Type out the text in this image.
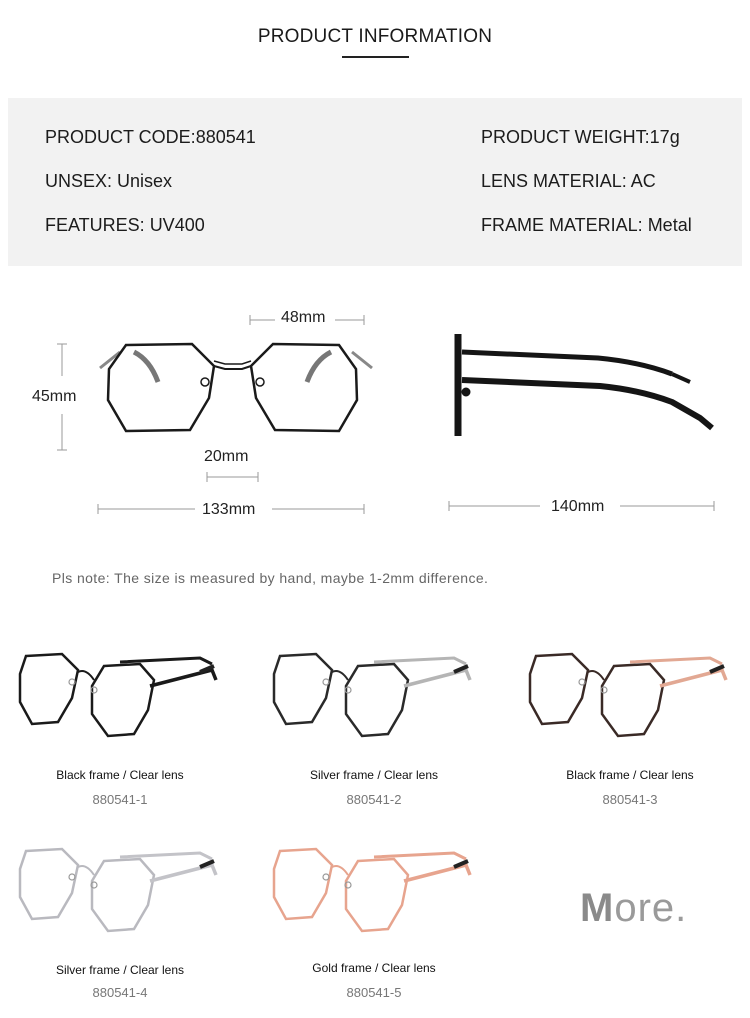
PRODUCT INFORMATION
PRODUCT CODE:880541
UNSEX: Unisex
FEATURES: UV400
PRODUCT WEIGHT:17g
LENS MATERIAL: AC
FRAME MATERIAL: Metal
48mm
45mm
20mm
133mm	140mm
Pls note: The size is measured by hand, maybe 1-2mm difference.
Black frame / Clear lens
880541-1
Silver frame / Clear lens
880541-2
Black frame / Clear lens
880541-3
Silver frame / Clear lens
880541-4
Gold frame / Clear lens
880541-5
More.
